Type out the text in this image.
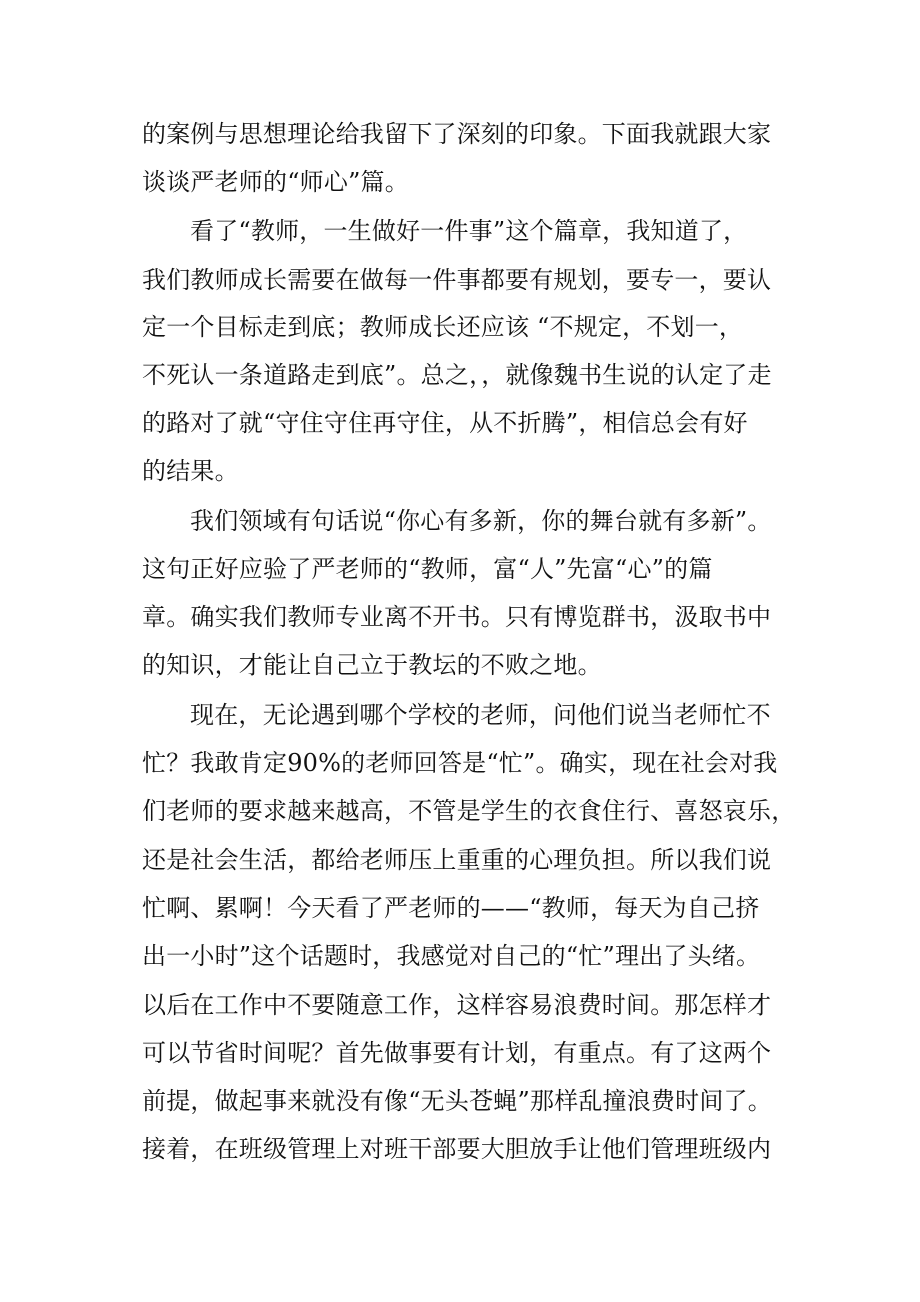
的案例与思想理论给我留下了深刻的印象。下面我就跟大家

谈谈严老师的“师心”篇。

看了“教师，一生做好一件事”这个篇章，我知道了，

我们教师成长需要在做每一件事都要有规划，要专一，要认

定一个目标走到底；教师成长还应该 “不规定，不划一，

不死认一条道路走到底”。总之，，就像魏书生说的认定了走

的路对了就“守住守住再守住，从不折腾”，相信总会有好

的结果。

我们领域有句话说“你心有多新，你的舞台就有多新”。

这句正好应验了严老师的“教师，富“人”先富“心”的篇

章。确实我们教师专业离不开书。只有博览群书，汲取书中

的知识，才能让自己立于教坛的不败之地。

现在，无论遇到哪个学校的老师，问他们说当老师忙不

忙？我敢肯定90%的老师回答是“忙”。确实，现在社会对我

们老师的要求越来越高，不管是学生的衣食住行、喜怒哀乐，

还是社会生活，都给老师压上重重的心理负担。所以我们说

忙啊、累啊！今天看了严老师的——“教师，每天为自己挤

出一小时”这个话题时，我感觉对自己的“忙”理出了头绪。

以后在工作中不要随意工作，这样容易浪费时间。那怎样才

可以节省时间呢？首先做事要有计划，有重点。有了这两个

前提，做起事来就没有像“无头苍蝇”那样乱撞浪费时间了。

接着，在班级管理上对班干部要大胆放手让他们管理班级内
